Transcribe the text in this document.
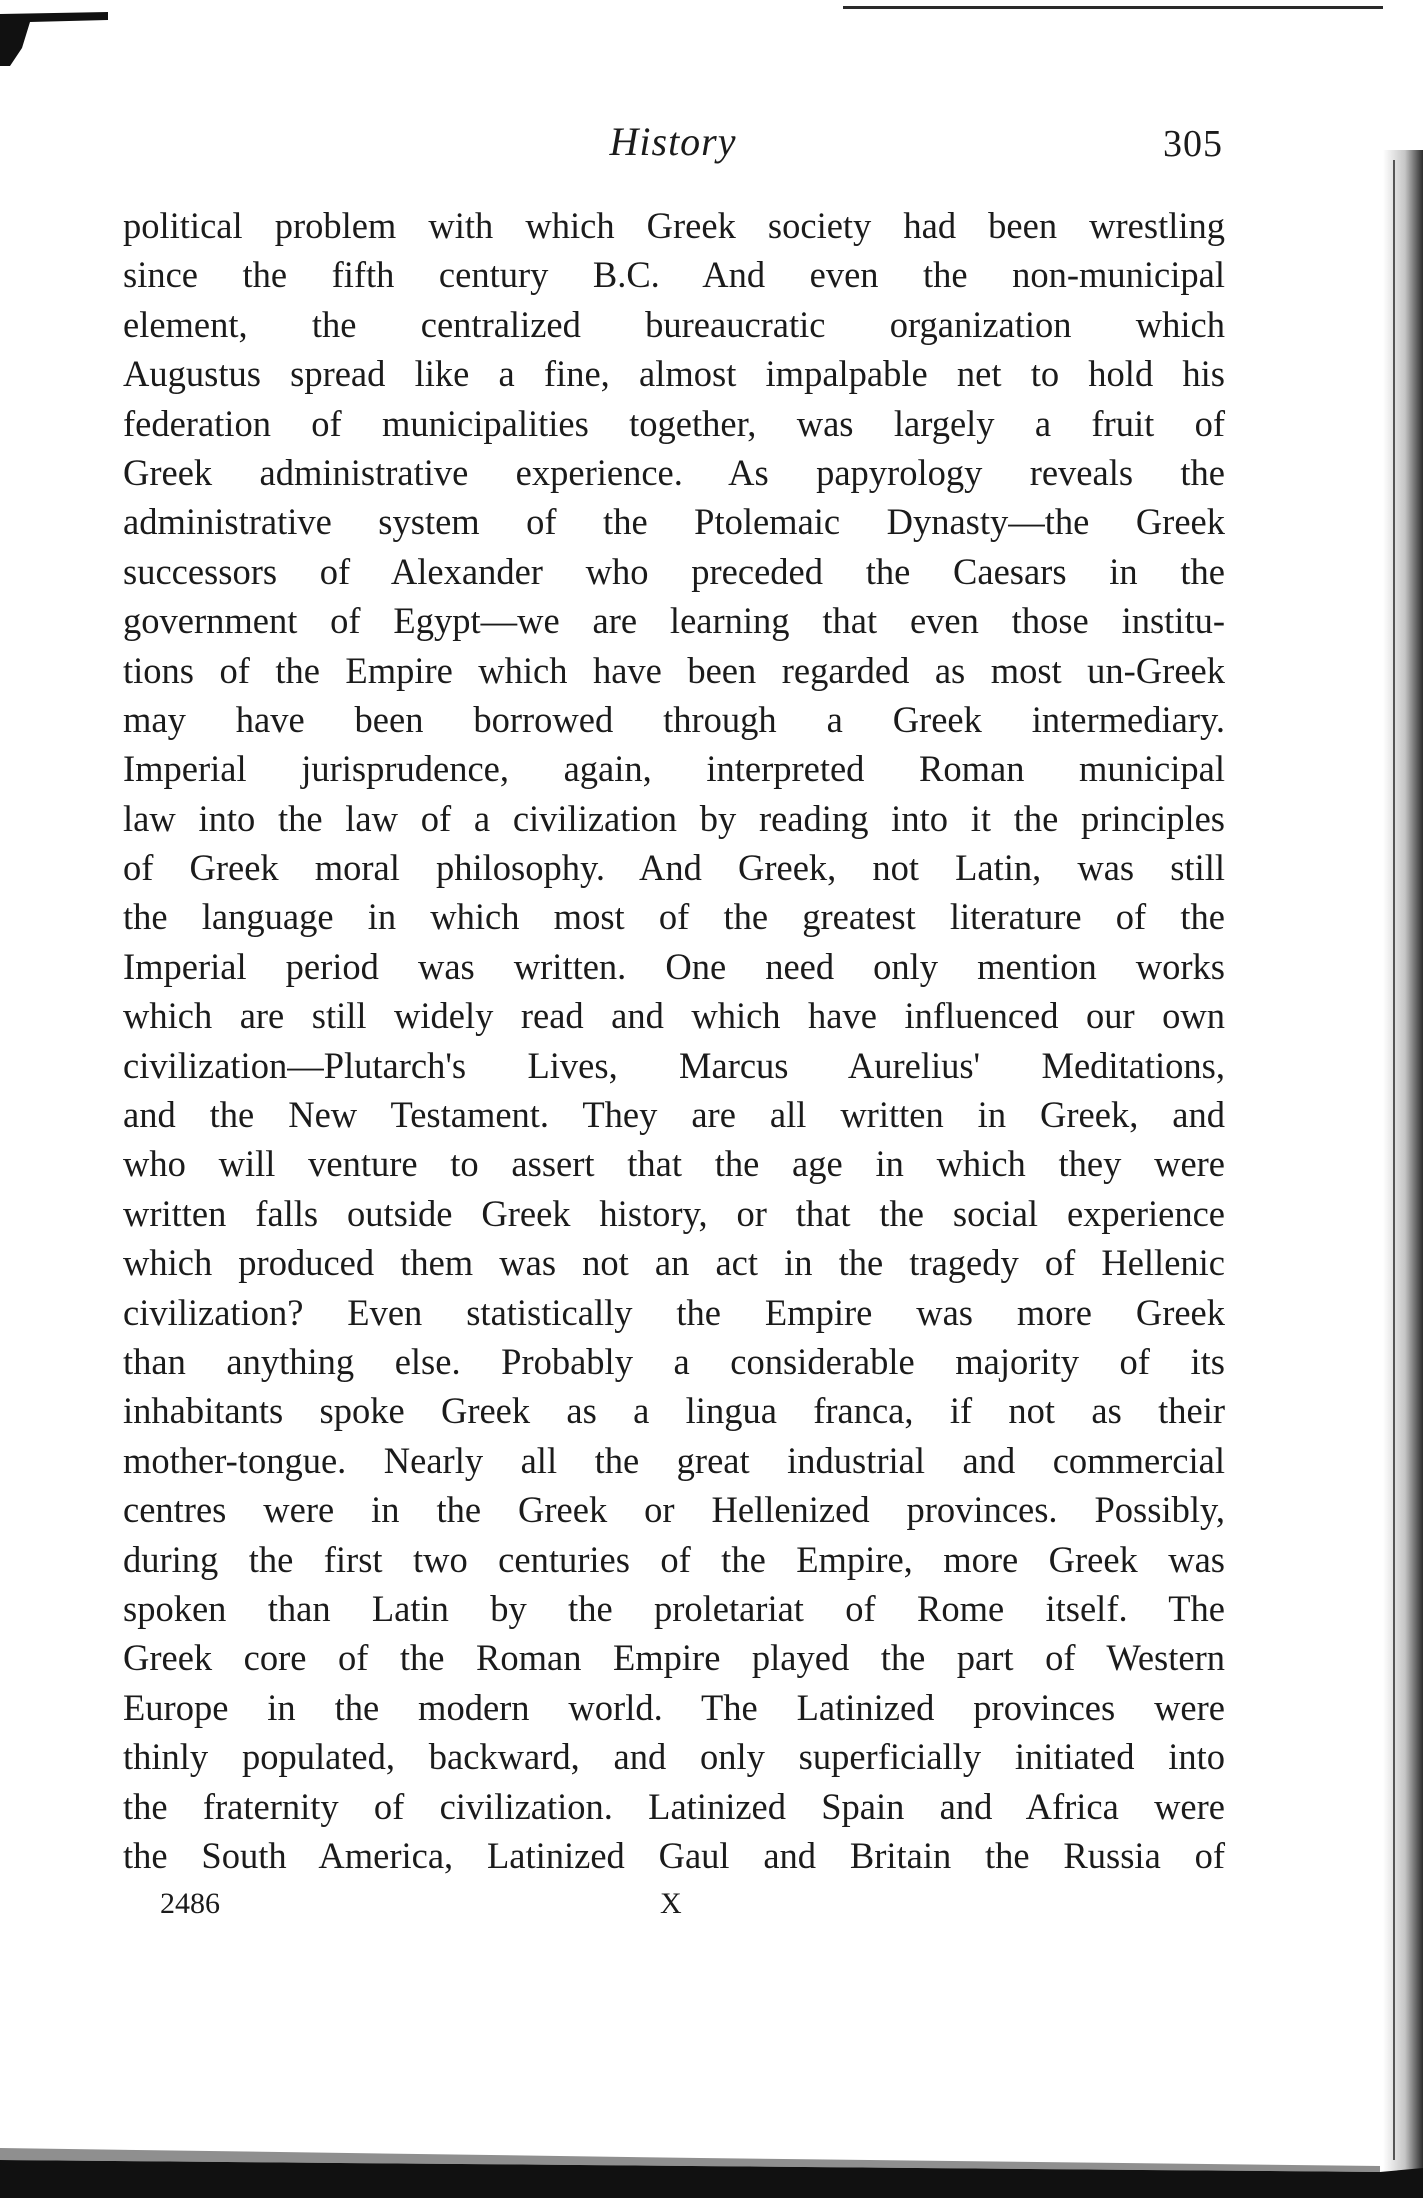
History	305
political problem with which Greek society had been wrestling
since the fifth century B.C. And even the non-municipal
element, the centralized bureaucratic organization which
Augustus spread like a fine, almost impalpable net to hold his
federation of municipalities together, was largely a fruit of
Greek administrative experience. As papyrology reveals the
administrative system of the Ptolemaic Dynasty—the Greek
successors of Alexander who preceded the Caesars in the
government of Egypt—we are learning that even those institu-
tions of the Empire which have been regarded as most un-Greek
may have been borrowed through a Greek intermediary.
Imperial jurisprudence, again, interpreted Roman municipal
law into the law of a civilization by reading into it the principles
of Greek moral philosophy. And Greek, not Latin, was still
the language in which most of the greatest literature of the
Imperial period was written. One need only mention works
which are still widely read and which have influenced our own
civilization—Plutarch's Lives, Marcus Aurelius' Meditations,
and the New Testament. They are all written in Greek, and
who will venture to assert that the age in which they were
written falls outside Greek history, or that the social experience
which produced them was not an act in the tragedy of Hellenic
civilization? Even statistically the Empire was more Greek
than anything else. Probably a considerable majority of its
inhabitants spoke Greek as a lingua franca, if not as their
mother-tongue. Nearly all the great industrial and commercial
centres were in the Greek or Hellenized provinces. Possibly,
during the first two centuries of the Empire, more Greek was
spoken than Latin by the proletariat of Rome itself. The
Greek core of the Roman Empire played the part of Western
Europe in the modern world. The Latinized provinces were
thinly populated, backward, and only superficially initiated into
the fraternity of civilization. Latinized Spain and Africa were
the South America, Latinized Gaul and Britain the Russia of
2486	X
